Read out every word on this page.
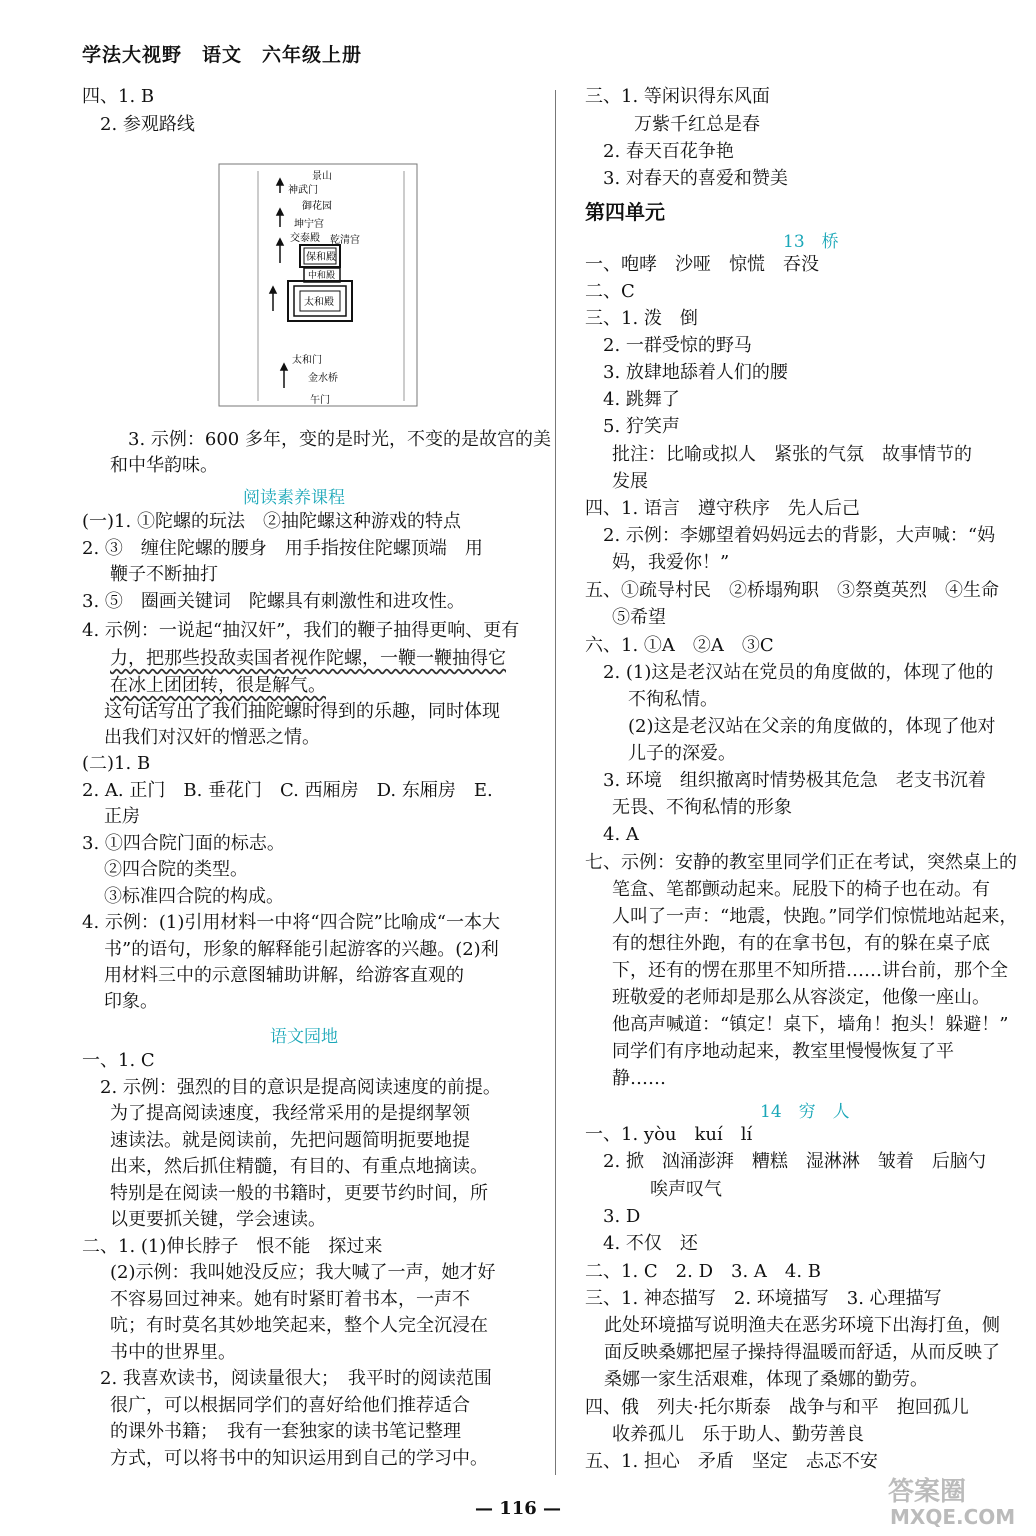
学法大视野　语文　六年级上册
四、1. B
　2. 参观路线
景山
神武门
御花园
坤宁宫
交泰殿 乾清宫
保和殿
中和殿
太和殿
太和门
金水桥
午门
　3. 示例：600 多年，变的是时光，不变的是故宫的美
和中华韵味。
阅读素养课程
(一)1. ①陀螺的玩法　②抽陀螺这种游戏的特点
2. ③　缠住陀螺的腰身　用手指按住陀螺顶端　用
鞭子不断抽打
3. ⑤　圈画关键词　陀螺具有刺激性和进攻性。
4. 示例：一说起“抽汉奸”，我们的鞭子抽得更响、更有
力，把那些投敌卖国者视作陀螺，一鞭一鞭抽得它
在冰上团团转，很是解气。
这句话写出了我们抽陀螺时得到的乐趣，同时体现
出我们对汉奸的憎恶之情。
(二)1. B
2. A. 正门　B. 垂花门　C. 西厢房　D. 东厢房　E.
正房
3. ①四合院门面的标志。
②四合院的类型。
③标准四合院的构成。
4. 示例：(1)引用材料一中将“四合院”比喻成“一本大
书”的语句，形象的解释能引起游客的兴趣。(2)利
用材料三中的示意图辅助讲解，给游客直观的
印象。
语文园地
一、1. C
　2. 示例：强烈的目的意识是提高阅读速度的前提。
为了提高阅读速度，我经常采用的是提纲挈领
速读法。就是阅读前，先把问题简明扼要地提
出来，然后抓住精髓，有目的、有重点地摘读。
特别是在阅读一般的书籍时，更要节约时间，所
以更要抓关键，学会速读。
二、1. (1)伸长脖子　恨不能　探过来
(2)示例：我叫她没反应；我大喊了一声，她才好
不容易回过神来。她有时紧盯着书本，一声不
吭；有时莫名其妙地笑起来，整个人完全沉浸在
书中的世界里。
　2. 我喜欢读书，阅读量很大；　我平时的阅读范围
很广，可以根据同学们的喜好给他们推荐适合
的课外书籍；　我有一套独家的读书笔记整理
方式，可以将书中的知识运用到自己的学习中。
三、1. 等闲识得东风面
万紫千红总是春
　2. 春天百花争艳
　3. 对春天的喜爱和赞美
第四单元
13　桥
一、咆哮　沙哑　惊慌　吞没
二、C
三、1. 泼　倒
　2. 一群受惊的野马
　3. 放肆地舔着人们的腰
　4. 跳舞了
　5. 狞笑声
批注：比喻或拟人　紧张的气氛　故事情节的
发展
四、1. 语言　遵守秩序　先人后己
　2. 示例：李娜望着妈妈远去的背影，大声喊：“妈
妈，我爱你！”
五、①疏导村民　②桥塌殉职　③祭奠英烈　④生命
⑤希望
六、1. ①A　②A　③C
　2. (1)这是老汉站在党员的角度做的，体现了他的
不徇私情。
(2)这是老汉站在父亲的角度做的，体现了他对
儿子的深爱。
　3. 环境　组织撤离时情势极其危急　老支书沉着
无畏、不徇私情的形象
　4. A
七、示例：安静的教室里同学们正在考试，突然桌上的
笔盒、笔都颤动起来。屁股下的椅子也在动。有
人叫了一声：“地震，快跑。”同学们惊慌地站起来，
有的想往外跑，有的在拿书包，有的躲在桌子底
下，还有的愣在那里不知所措……讲台前，那个全
班敬爱的老师却是那么从容淡定，他像一座山。
他高声喊道：“镇定！桌下，墙角！抱头！躲避！”
同学们有序地动起来，教室里慢慢恢复了平
静……
14　穷　人
一、1. yòu　kuí　lí
　2. 掀　汹涌澎湃　糟糕　湿淋淋　皱着　后脑勺
唉声叹气
　3. D
　4. 不仅　还
二、1. C　2. D　3. A　4. B
三、1. 神态描写　2. 环境描写　3. 心理描写
此处环境描写说明渔夫在恶劣环境下出海打鱼，侧
面反映桑娜把屋子操持得温暖而舒适，从而反映了
桑娜一家生活艰难，体现了桑娜的勤劳。
四、俄　列夫·托尔斯泰　战争与和平　抱回孤儿
收养孤儿　乐于助人、勤劳善良
五、1. 担心　矛盾　坚定　忐忑不安
— 116 —
答案圈
MXQE.COM
